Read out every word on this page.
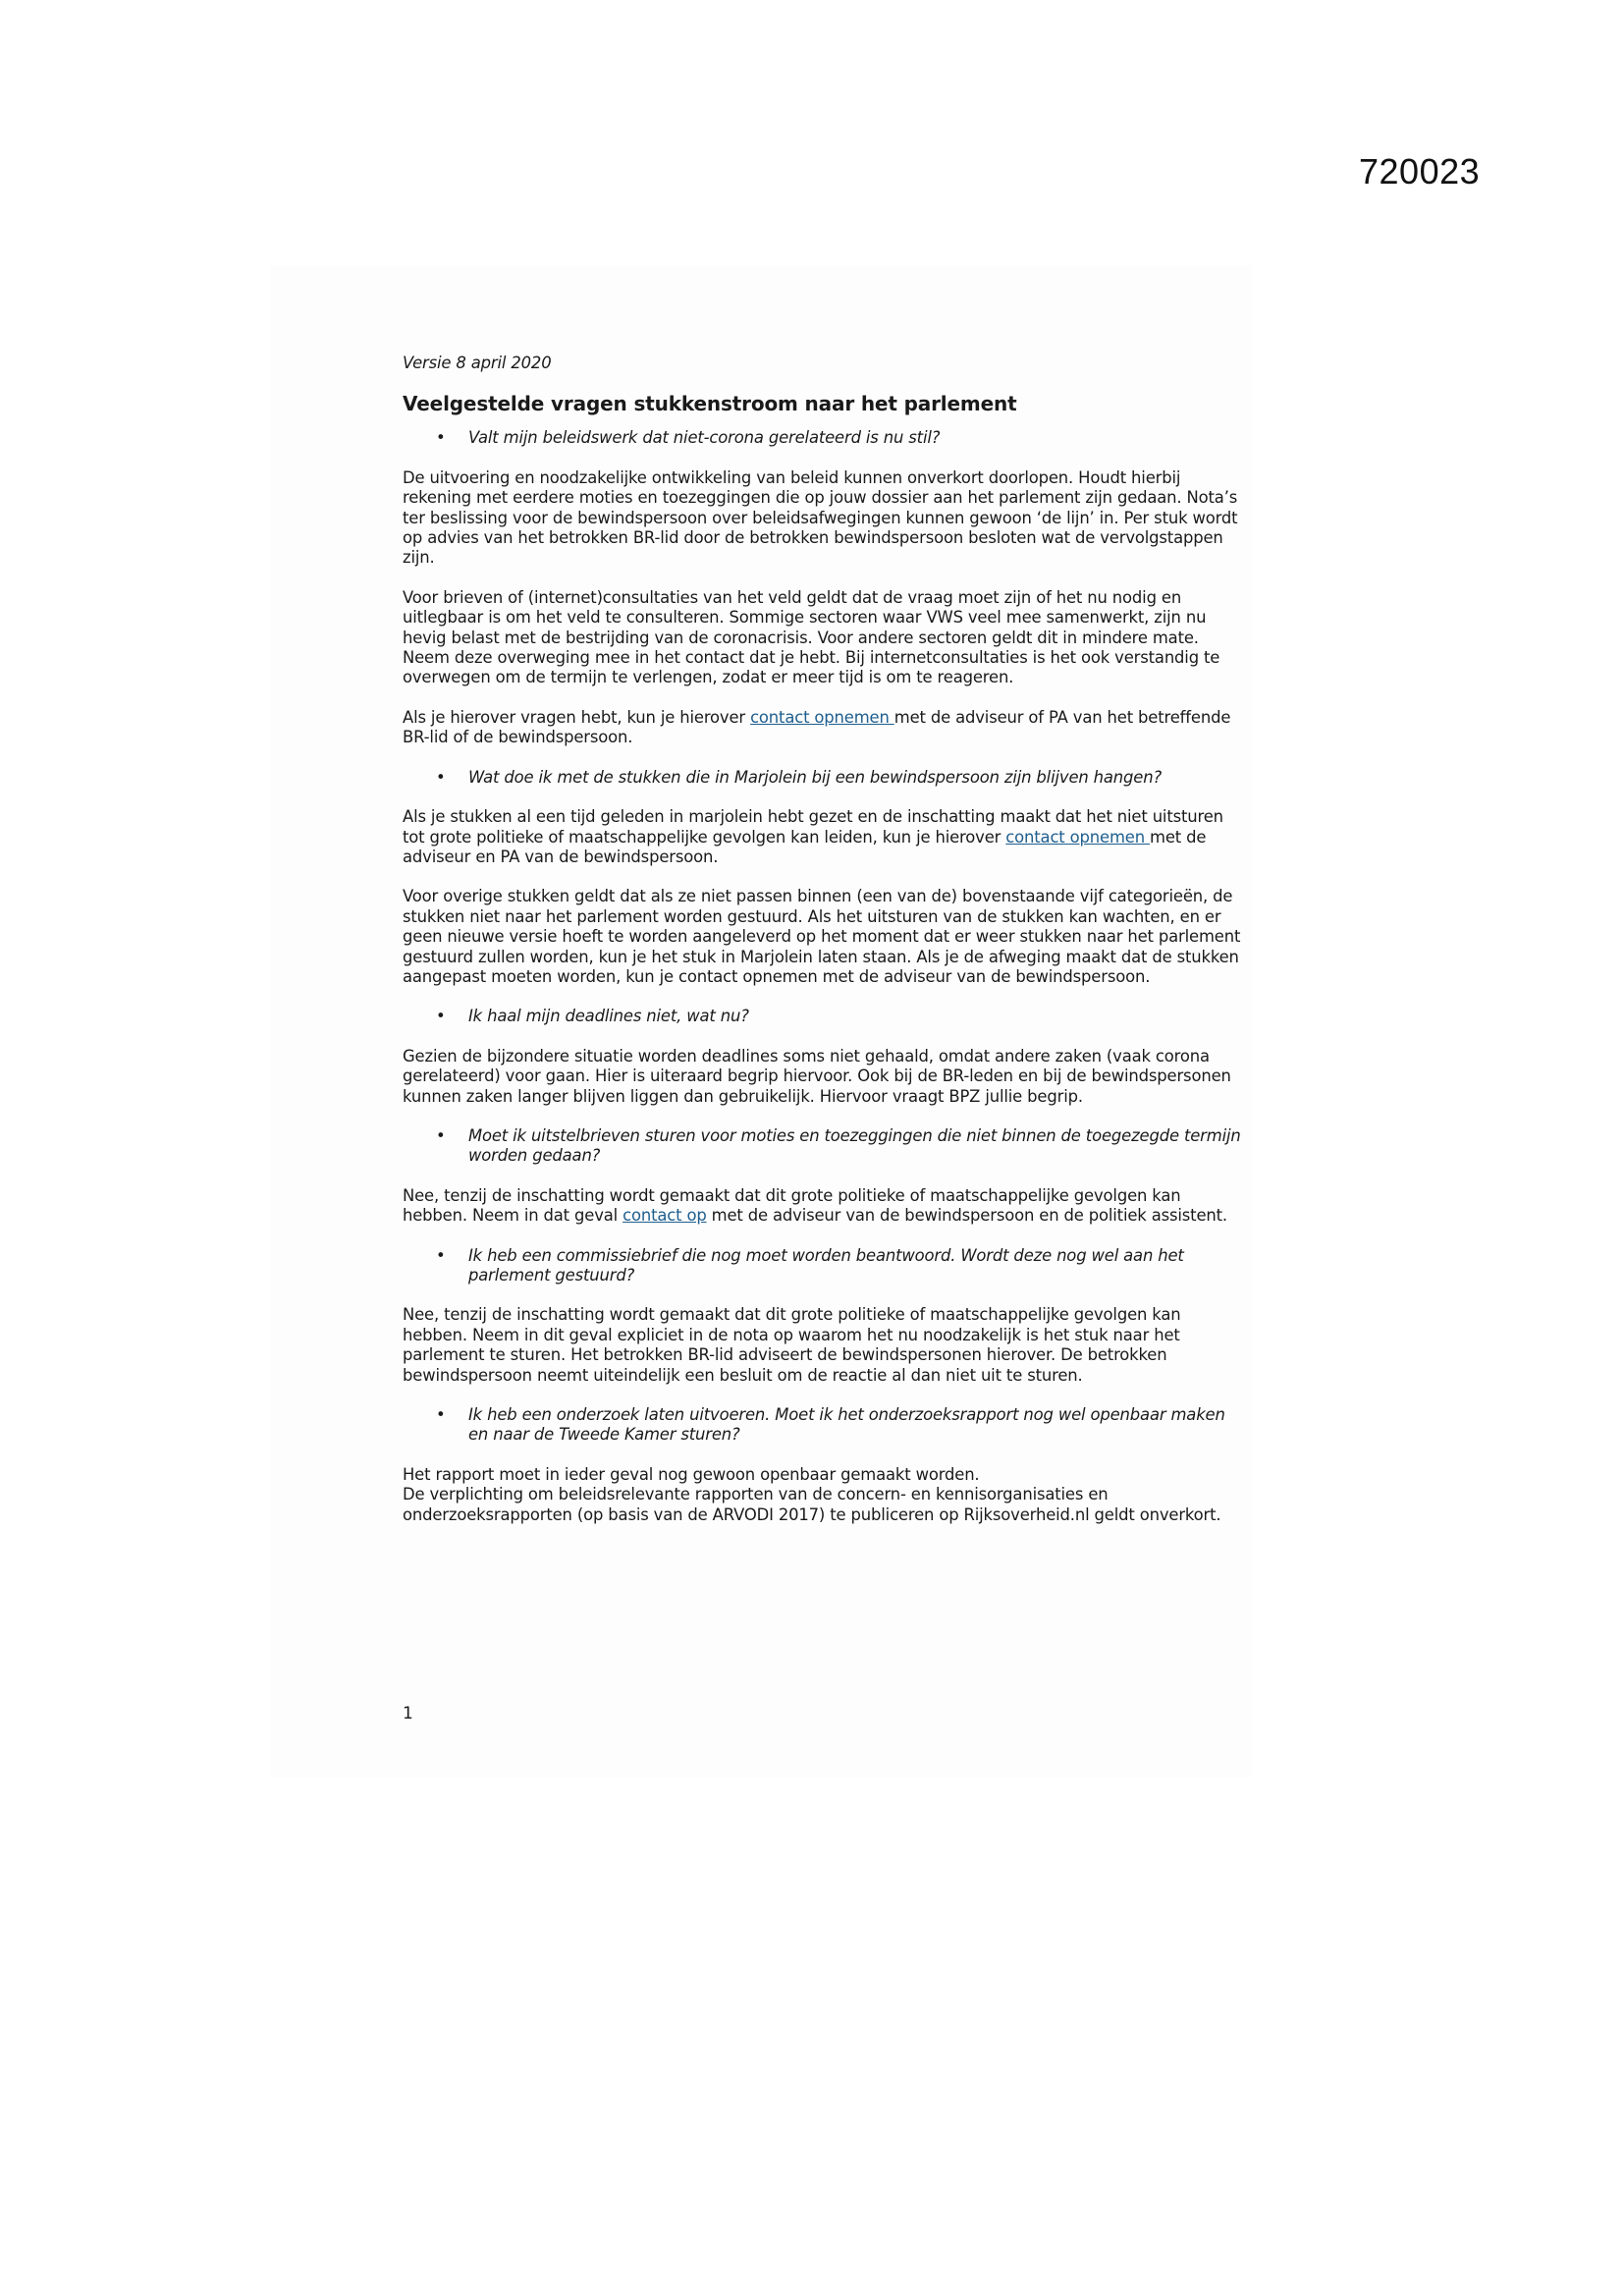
720023

Versie 8 april 2020

Veelgestelde vragen stukkenstroom naar het parlement
• Valt mijn beleidswerk dat niet-corona gerelateerd is nu stil?

De uitvoering en noodzakelijke ontwikkeling van beleid kunnen onverkort doorlopen. Houdt hierbij rekening met eerdere moties en toezeggingen die op jouw dossier aan het parlement zijn gedaan. Nota’s ter beslissing voor de bewindspersoon over beleidsafwegingen kunnen gewoon ‘de lijn’ in. Per stuk wordt op advies van het betrokken BR-lid door de betrokken bewindspersoon besloten wat de vervolgstappen zijn.

Voor brieven of (internet)consultaties van het veld geldt dat de vraag moet zijn of het nu nodig en uitlegbaar is om het veld te consulteren. Sommige sectoren waar VWS veel mee samenwerkt, zijn nu hevig belast met de bestrijding van de coronacrisis. Voor andere sectoren geldt dit in mindere mate. Neem deze overweging mee in het contact dat je hebt. Bij internetconsultaties is het ook verstandig te overwegen om de termijn te verlengen, zodat er meer tijd is om te reageren.

Als je hierover vragen hebt, kun je hierover contact opnemen met de adviseur of PA van het betreffende BR-lid of de bewindspersoon.

• Wat doe ik met de stukken die in Marjolein bij een bewindspersoon zijn blijven hangen?

Als je stukken al een tijd geleden in marjolein hebt gezet en de inschatting maakt dat het niet uitsturen tot grote politieke of maatschappelijke gevolgen kan leiden, kun je hierover contact opnemen met de adviseur en PA van de bewindspersoon.

Voor overige stukken geldt dat als ze niet passen binnen (een van de) bovenstaande vijf categorieën, de stukken niet naar het parlement worden gestuurd. Als het uitsturen van de stukken kan wachten, en er geen nieuwe versie hoeft te worden aangeleverd op het moment dat er weer stukken naar het parlement gestuurd zullen worden, kun je het stuk in Marjolein laten staan. Als je de afweging maakt dat de stukken aangepast moeten worden, kun je contact opnemen met de adviseur van de bewindspersoon.

• Ik haal mijn deadlines niet, wat nu?

Gezien de bijzondere situatie worden deadlines soms niet gehaald, omdat andere zaken (vaak corona gerelateerd) voor gaan. Hier is uiteraard begrip hiervoor. Ook bij de BR-leden en bij de bewindspersonen kunnen zaken langer blijven liggen dan gebruikelijk. Hiervoor vraagt BPZ jullie begrip.

• Moet ik uitstelbrieven sturen voor moties en toezeggingen die niet binnen de toegezegde termijn worden gedaan?

Nee, tenzij de inschatting wordt gemaakt dat dit grote politieke of maatschappelijke gevolgen kan hebben. Neem in dat geval contact op met de adviseur van de bewindspersoon en de politiek assistent.

• Ik heb een commissiebrief die nog moet worden beantwoord. Wordt deze nog wel aan het parlement gestuurd?

Nee, tenzij de inschatting wordt gemaakt dat dit grote politieke of maatschappelijke gevolgen kan hebben. Neem in dit geval expliciet in de nota op waarom het nu noodzakelijk is het stuk naar het parlement te sturen. Het betrokken BR-lid adviseert de bewindspersonen hierover. De betrokken bewindspersoon neemt uiteindelijk een besluit om de reactie al dan niet uit te sturen.

• Ik heb een onderzoek laten uitvoeren. Moet ik het onderzoeksrapport nog wel openbaar maken en naar de Tweede Kamer sturen?

Het rapport moet in ieder geval nog gewoon openbaar gemaakt worden.
De verplichting om beleidsrelevante rapporten van de concern- en kennisorganisaties en onderzoeksrapporten (op basis van de ARVODI 2017) te publiceren op Rijksoverheid.nl geldt onverkort.

1
